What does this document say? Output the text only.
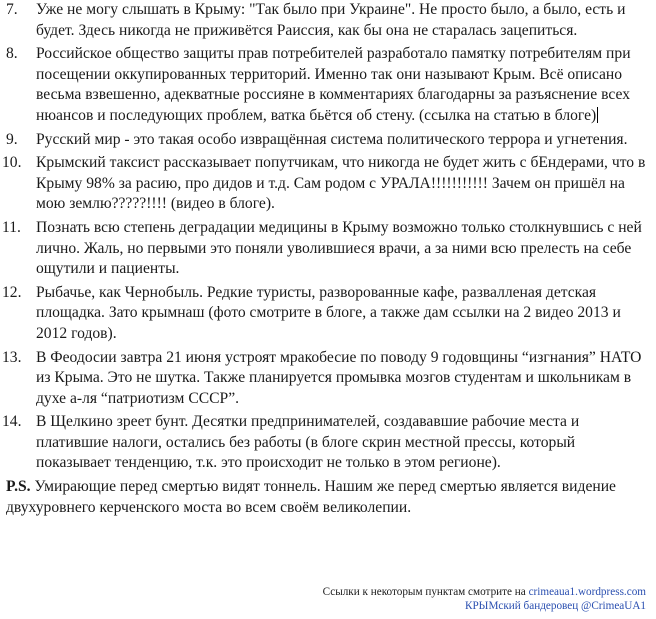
7.	Уже не могу слышать в Крыму: "Так было при Украине". Не просто было, а было, есть и будет. Здесь никогда не приживётся Раиссия, как бы она не старалась зацепиться.
8.	Российское общество защиты прав потребителей разработало памятку потребителям при посещении оккупированных территорий. Именно так они называют Крым. Всё описано весьма взвешенно, адекватные россияне в комментариях благодарны за разъяснение всех нюансов и последующих проблем, ватка бьётся об стену. (ссылка на статью в блоге)
9.	Русский мир - это такая особо извращённая система политического террора и угнетения.
10. Крымский таксист рассказывает попутчикам, что никогда не будет жить с бЕндерами, что в Крыму 98% за расию, про дидов и т.д. Сам родом с УРАЛА!!!!!!!!!!! Зачем он пришёл на мою землю?????!!!! (видео в блоге).
11. Познать всю степень деградации медицины в Крыму возможно только столкнувшись с ней лично. Жаль, но первыми это поняли уволившиеся врачи, а за ними всю прелесть на себе ощутили и пациенты.
12. Рыбачье, как Чернобыль. Редкие туристы, разворованные кафе, развалленая детская площадка. Зато крымнаш (фото смотрите в блоге, а также дам ссылки на 2 видео 2013 и 2012 годов).
13. В Феодосии завтра 21 июня устроят мракобесие по поводу 9 годовщины “изгнания” НАТО из Крыма. Это не шутка. Также планируется промывка мозгов студентам и школьникам в духе а-ля “патриотизм СССР”.
14. В Щелкино зреет бунт. Десятки предпринимателей, создававшие рабочие места и платившие налоги, остались без работы (в блоге скрин местной прессы, который показывает тенденцию, т.к. это происходит не только в этом регионе).

P.S. Умирающие перед смертью видят тоннель. Нашим же перед смертью является видение двухуровнего керченского моста во всем своём великолепии.

Ссылки к некоторым пунктам смотрите на crimeaua1.wordpress.com
КРЫМский бандеровец @CrimeaUA1
